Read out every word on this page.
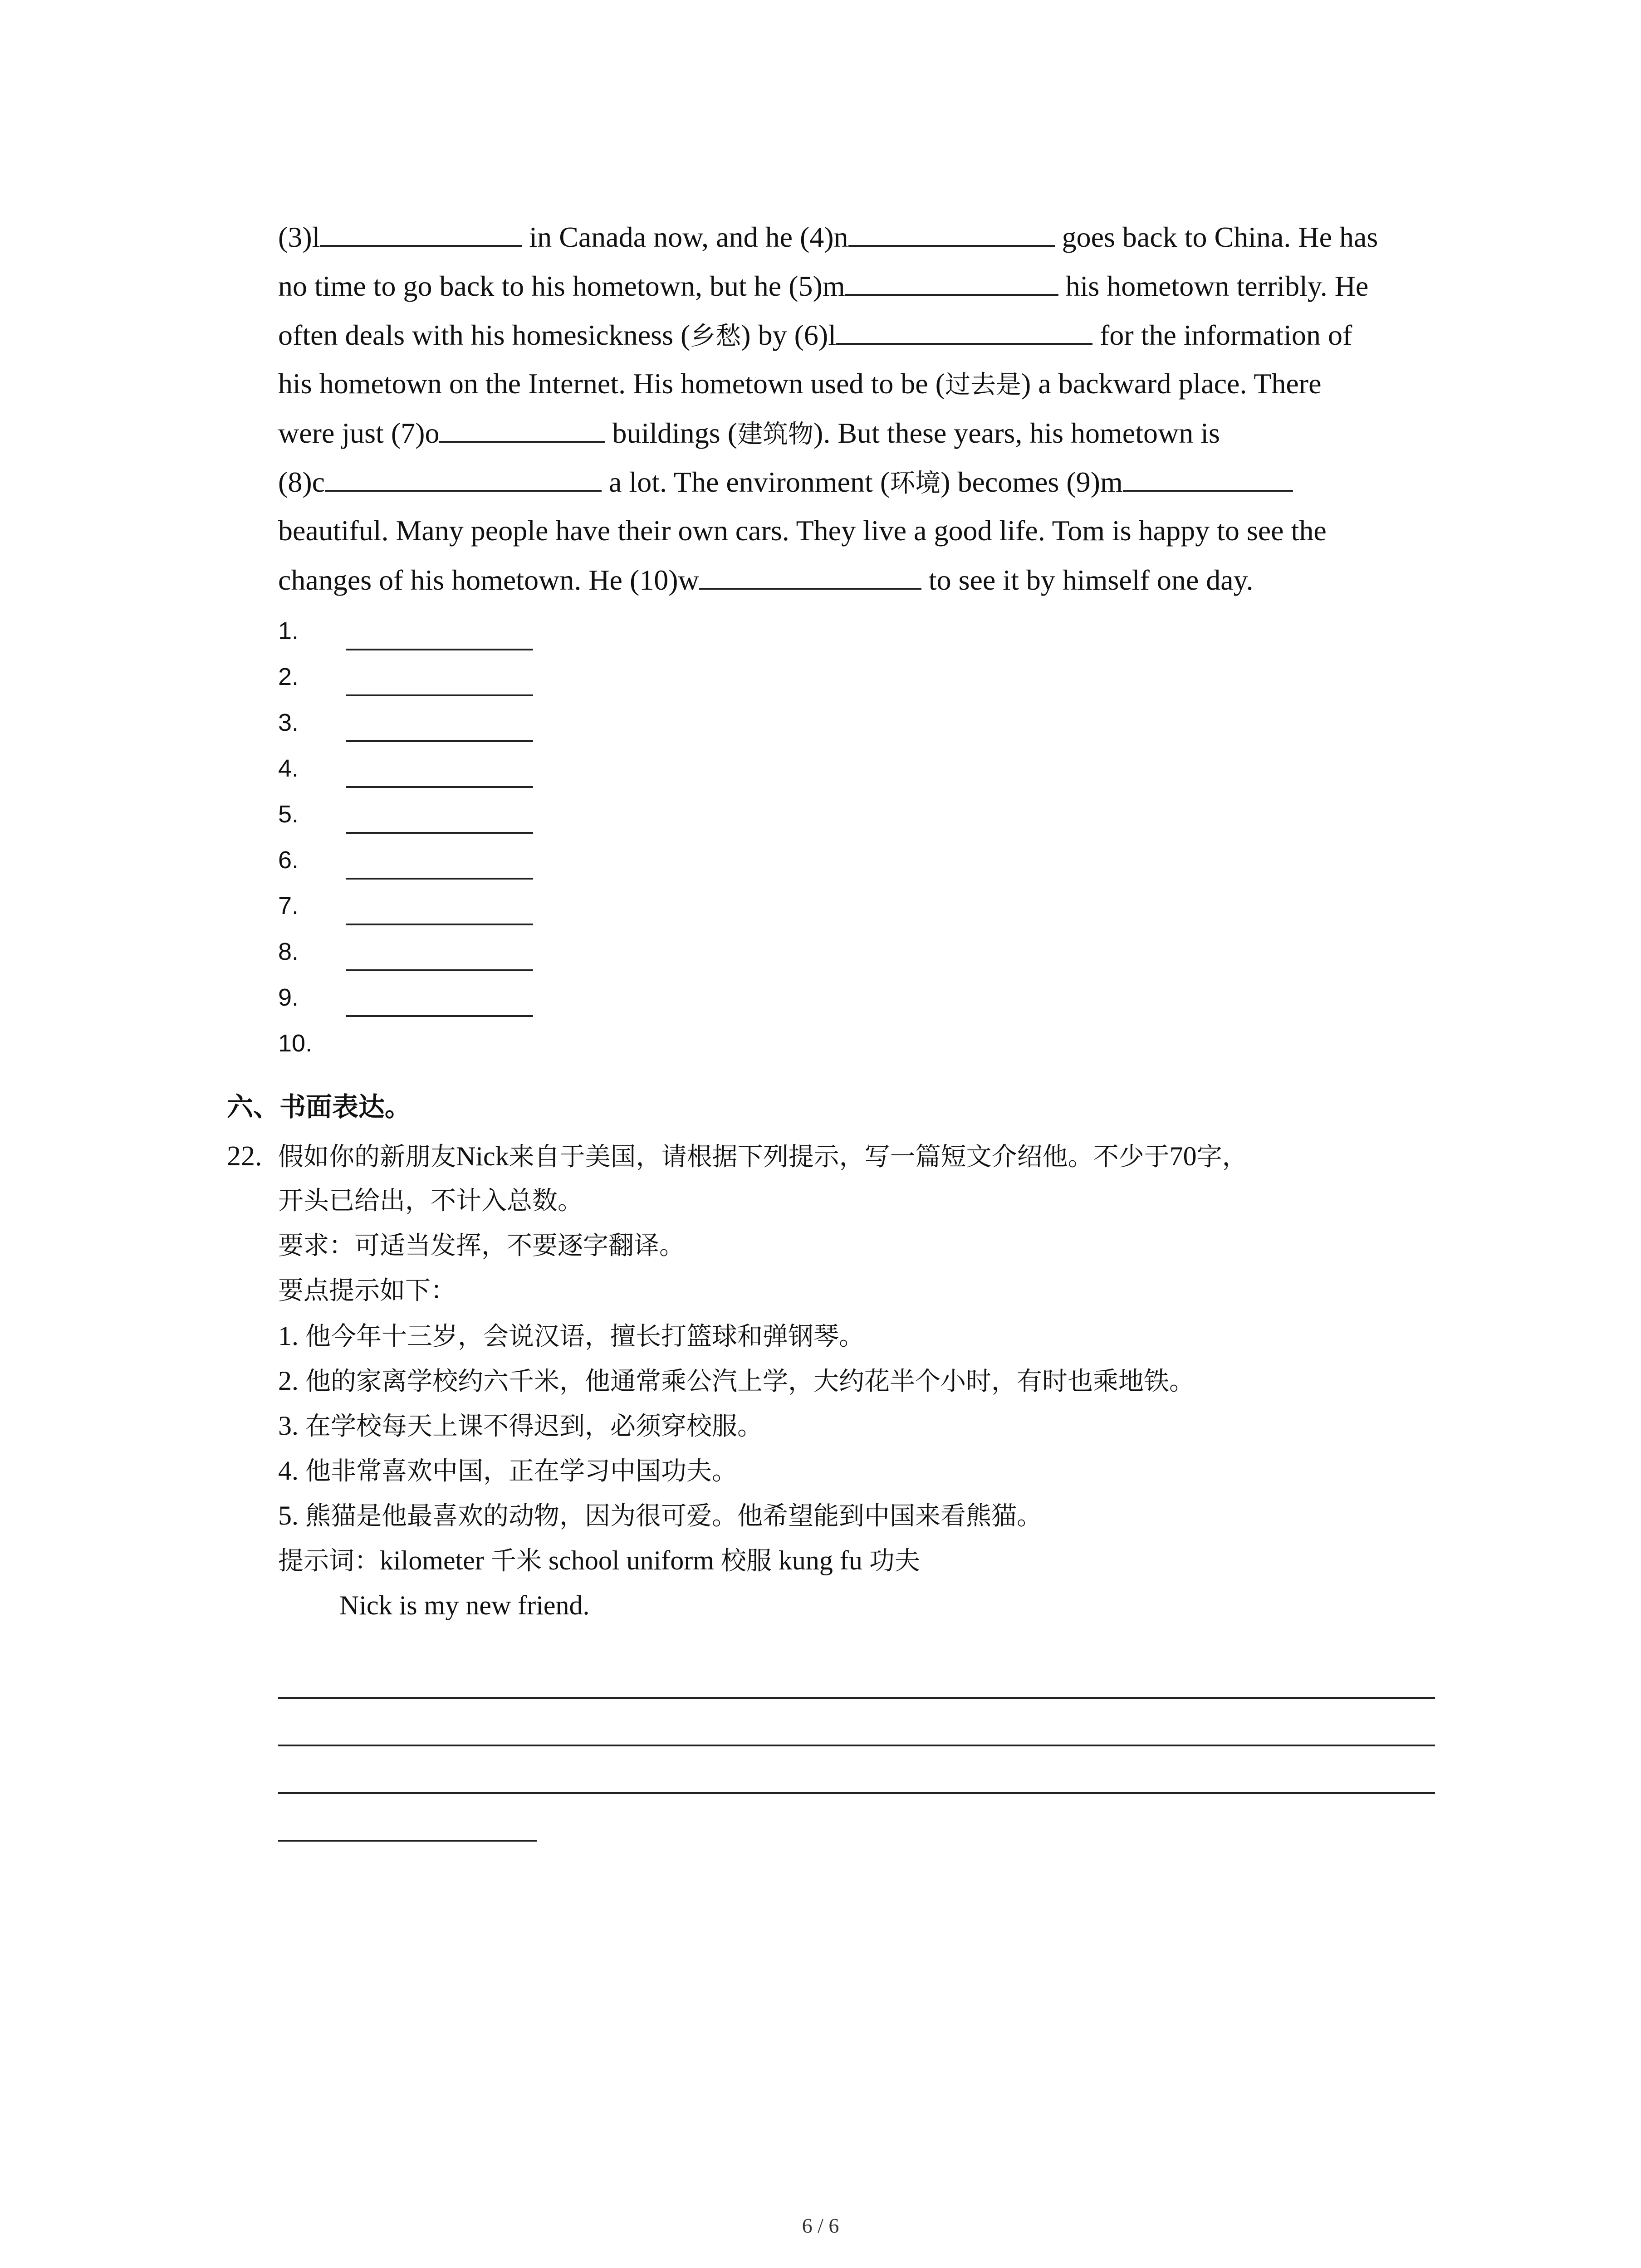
(3)l	in Canada now, and he (4)n	goes back to China. He has
no time to go back to his hometown, but he (5)m	his hometown terribly. He
often deals with his homesickness (乡愁) by (6)l	for the information of
his hometown on the Internet. His hometown used to be (过去是) a backward place. There
were just (7)o	buildings (建筑物). But these years, his hometown is
(8)c	a lot. The environment (环境) becomes (9)m
beautiful. Many people have their own cars. They live a good life. Tom is happy to see the
changes of his hometown. He (10)w	to see it by himself one day.
1.
2.
3.
4.
5.
6.
7.
8.
9.
10.
六、书面表达。
22. 假如你的新朋友Nick来自于美国，请根据下列提示，写一篇短文介绍他。不少于70字，
开头已给出，不计入总数。
要求：可适当发挥，不要逐字翻译。
要点提示如下：
1. 他今年十三岁，会说汉语，擅长打篮球和弹钢琴。
2. 他的家离学校约六千米，他通常乘公汽上学，大约花半个小时，有时也乘地铁。
3. 在学校每天上课不得迟到，必须穿校服。
4. 他非常喜欢中国，正在学习中国功夫。
5. 熊猫是他最喜欢的动物，因为很可爱。他希望能到中国来看熊猫。
提示词：kilometer 千米 school uniform 校服 kung fu 功夫
Nick is my new friend.
6 / 6
